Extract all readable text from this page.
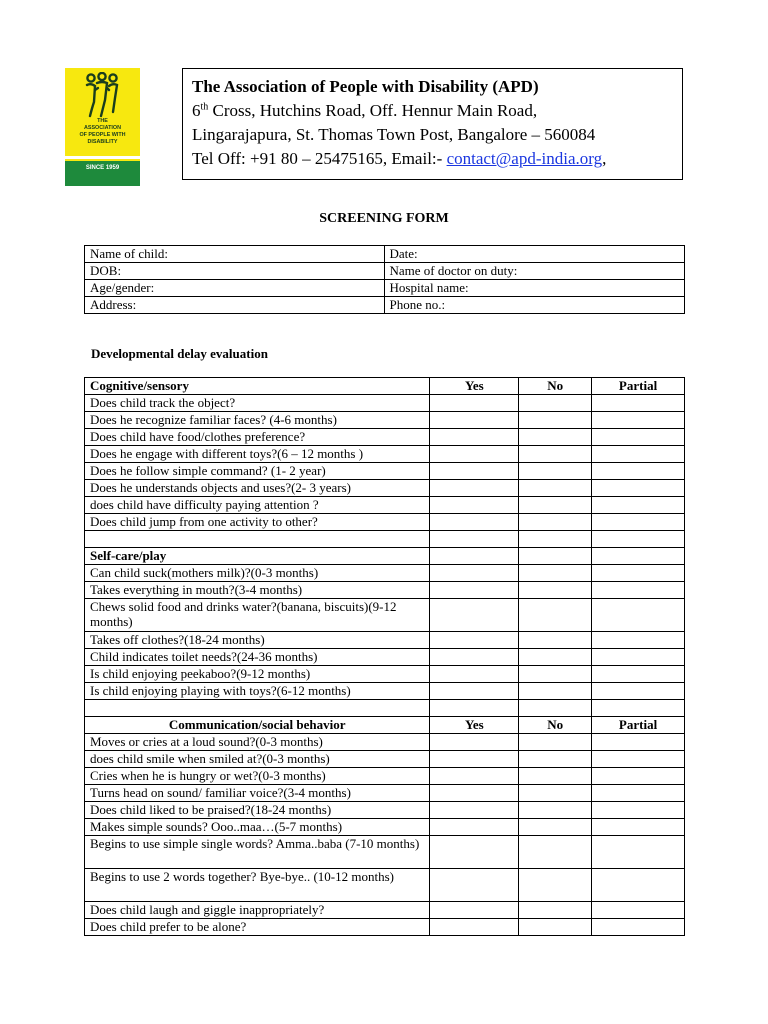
THE
ASSOCIATION
OF PEOPLE WITH
DISABILITY
SINCE 1959
The Association of People with Disability (APD)
6th Cross, Hutchins Road, Off. Hennur Main Road,
Lingarajapura, St. Thomas Town Post, Bangalore – 560084
Tel Off: +91 80 – 25475165, Email:- contact@apd-india.org,
SCREENING FORM
Name of child:	Date:
DOB:	Name of doctor on duty:
Age/gender:	Hospital name:
Address:	Phone no.:
Developmental delay evaluation
Cognitive/sensory	Yes	No	Partial
Does child track the object?			
Does he recognize familiar faces? (4-6 months)			
Does child have food/clothes preference?			
Does he engage with different toys?(6 – 12 months )			
Does he follow simple command? (1- 2 year)			
Does he understands objects and uses?(2- 3 years)			
does child have difficulty paying attention ?			
Does child jump from one activity to other?			

Self-care/play			
Can child suck(mothers milk)?(0-3 months)			
Takes everything in mouth?(3-4 months)			
Chews solid food and drinks water?(banana, biscuits)(9-12 months)			
Takes off clothes?(18-24 months)			
Child indicates toilet needs?(24-36 months)			
Is child enjoying peekaboo?(9-12 months)			
Is child enjoying playing with toys?(6-12 months)			

Communication/social behavior	Yes	No	Partial
Moves or cries at a loud sound?(0-3 months)			
does child smile when smiled at?(0-3 months)			
Cries when he is hungry or wet?(0-3 months)			
Turns head on sound/ familiar voice?(3-4 months)			
Does child liked to be praised?(18-24 months)			
Makes simple sounds? Ooo..maa…(5-7 months)			
Begins to use simple single words? Amma..baba (7-10 months)			
Begins to use 2 words together? Bye-bye.. (10-12 months)			
Does child laugh and giggle inappropriately?			
Does child prefer to be alone?			
